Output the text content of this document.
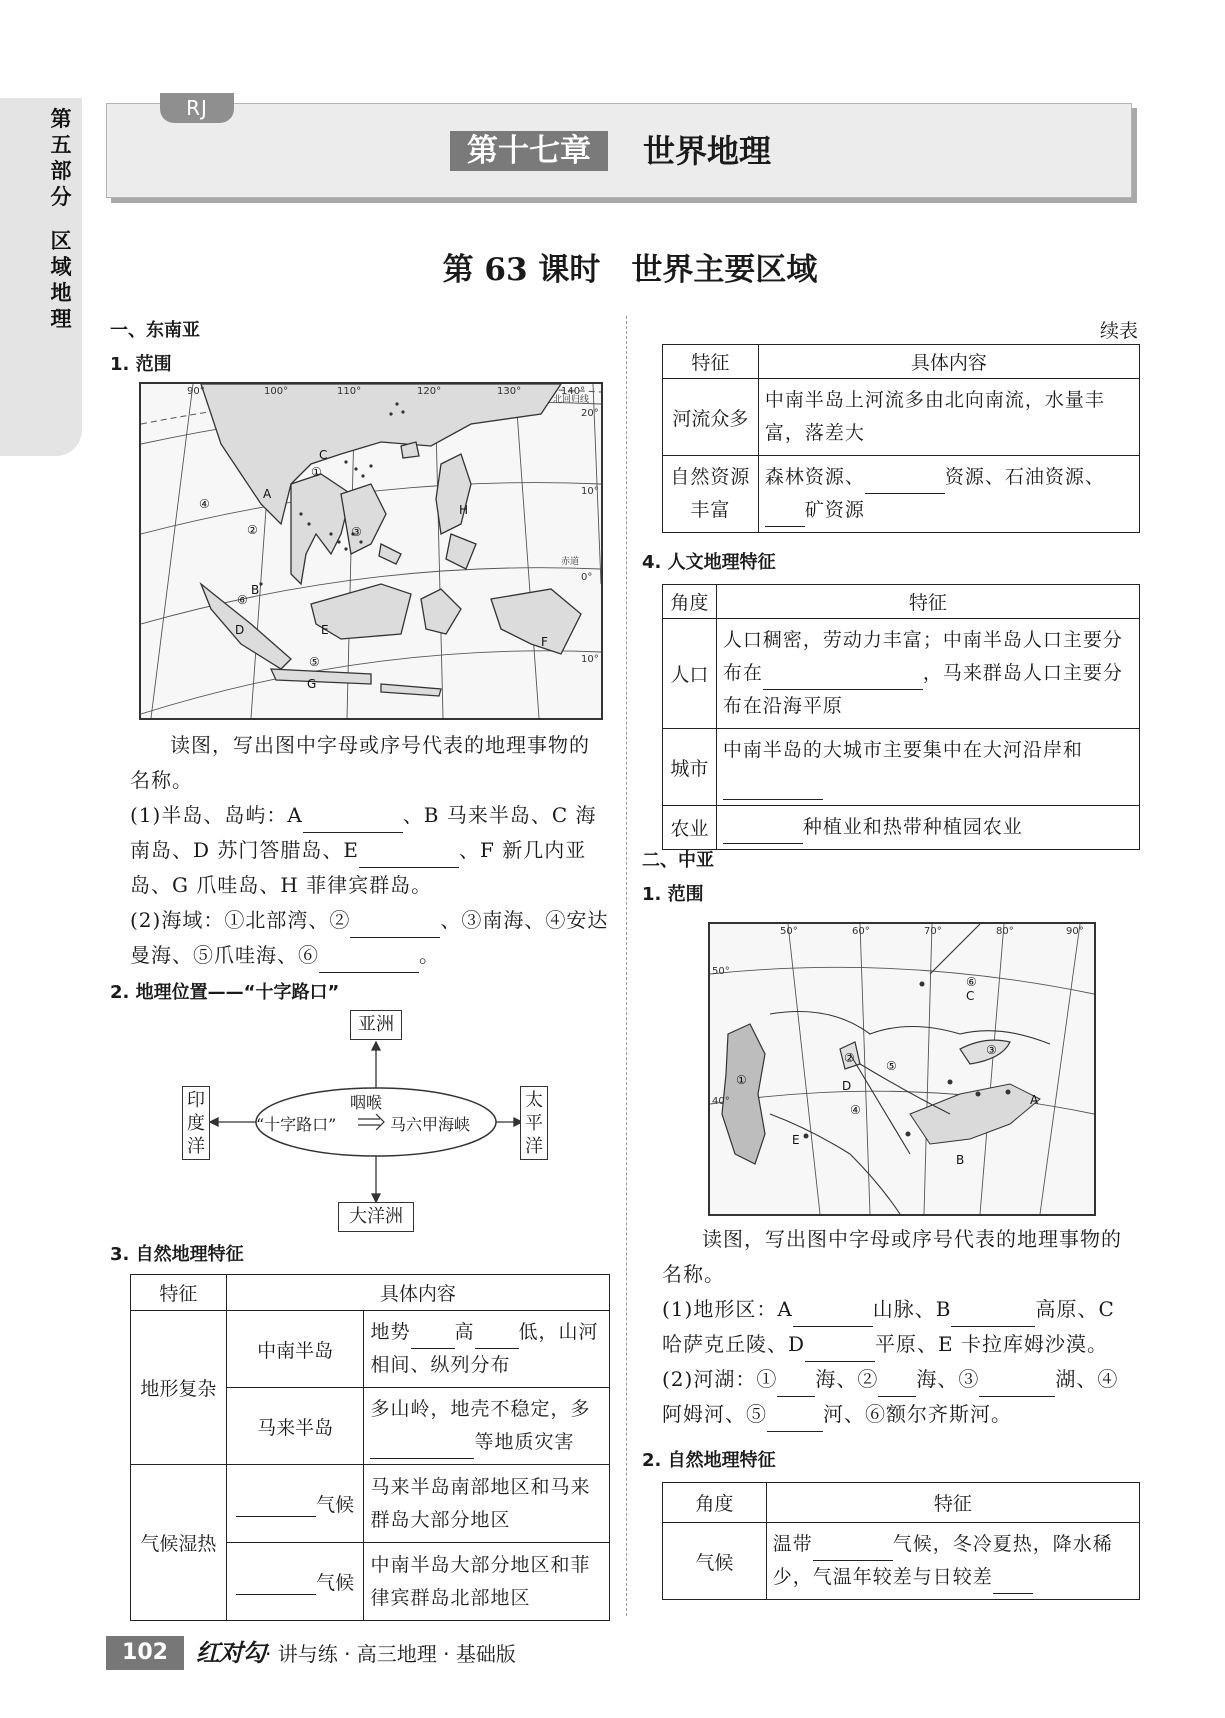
第五部分
区域地理
RJ
第十七章	世界地理
第 63 课时　世界主要区域
一、东南亚
1. 范围
90°	100°	110°	120°	130°	140°
20°
10°
0°
10°
北回归线
赤道
A
B
C
D	E
F
G
H
①
②	③
④
⑤
⑥
读图，写出图中字母或序号代表的地理事物的名称。
(1)半岛、岛屿：A	、B 马来半岛、C 海南岛、D 苏门答腊岛、E	、F 新几内亚岛、G 爪哇岛、H 菲律宾群岛。
(2)海域：①北部湾、②	、③南海、④安达曼海、⑤爪哇海、⑥	。
2. 地理位置——“十字路口”
亚洲
大洋洲
印度洋
太平洋
咽喉
“十字路口”	马六甲海峡
3. 自然地理特征
特征	具体内容	
地形复杂	中南半岛	地势 高 低，山河相间、纵列分布
	马来半岛	多山岭，地壳不稳定，多等地质灾害
气候湿热	气候	马来半岛南部地区和马来群岛大部分地区
	气候	中南半岛大部分地区和菲律宾群岛北部地区
续表
特征	具体内容
河流众多	中南半岛上河流多由北向南流，水量丰富，落差大
自然资源丰富	森林资源、 资源、石油资源、矿资源
4. 人文地理特征
角度	特征
人口	人口稠密，劳动力丰富；中南半岛人口主要分布在 ，马来群岛人口主要分布在沿海平原
城市	中南半岛的大城市主要集中在大河沿岸和

农业	种植业和热带种植园农业
二、中亚
1. 范围
50°	60°	70°	80°	90°
50°
40°	A
B
C
D
E
①
②
③
④
⑤
⑥
读图，写出图中字母或序号代表的地理事物的名称。
(1)地形区：A	山脉、B	高原、C 哈萨克丘陵、D	平原、E 卡拉库姆沙漠。
(2)河湖：① 海、② 海、③	湖、④阿姆河、⑤	河、⑥额尔齐斯河。
2. 自然地理特征
角度	特征
气候	温带 气候，冬冷夏热，降水稀少，气温年较差与日较差
102	红对勾· 讲与练 · 高三地理 · 基础版
